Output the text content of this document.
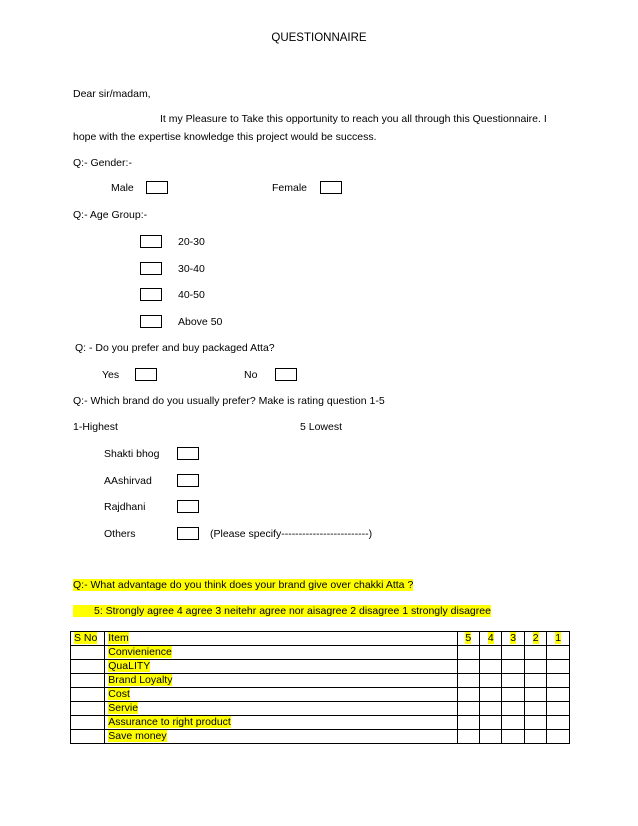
QUESTIONNAIRE
Dear sir/madam,
It my Pleasure to Take this opportunity to reach you all through this Questionnaire. I
hope with the expertise knowledge this project would be success.
Q:- Gender:-
Male	Female
Q:- Age Group:-
20-30
30-40
40-50
Above 50
Q: - Do you prefer and buy packaged Atta?
Yes	No
Q:- Which brand do you usually prefer? Make is rating question 1-5
1-Highest	5 Lowest
Shakti bhog
AAshirvad
Rajdhani
Others	(Please specify-------------------------)
Q:- What advantage do you think does your brand give over chakki Atta ?
5: Strongly agree 4 agree 3 neitehr agree nor aisagree 2 disagree 1 strongly disagree
S No	Item	5	4	3	2	1
	Convienience					
	QuaLITY					
	Brand Loyalty					
	Cost					
	Servie					
	Assurance to right product					
	Save money					
